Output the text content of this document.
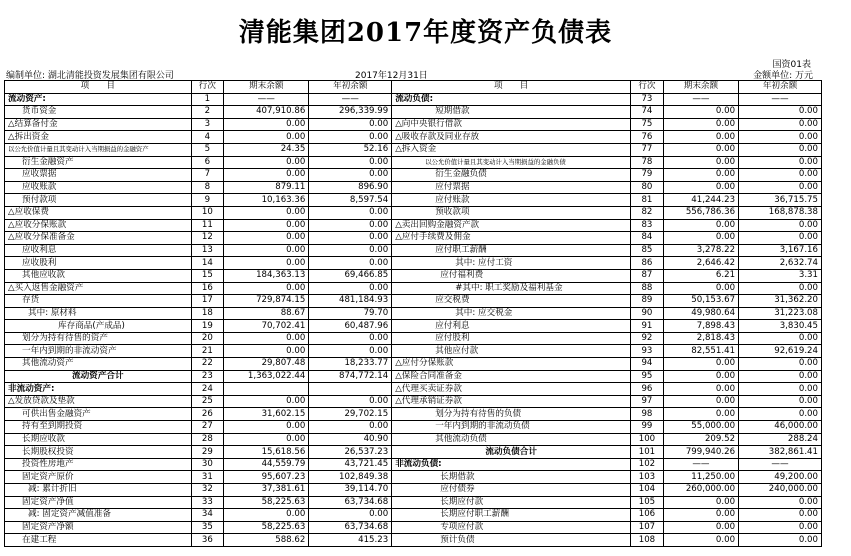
清能集团2017年度资产负债表
国资01表
编制单位: 湖北清能投资发展集团有限公司	2017年12月31日	金额单位: 万元
项　　目	行次	期末余额	年初余额	项　　目	行次	期末余额	年初余额
流动资产:	1	——	——	流动负债:	73	——	——
货币资金	2	407,910.86	296,339.99	短期借款	74	0.00	0.00
△结算备付金	3	0.00	0.00	△向中央银行借款	75	0.00	0.00
△拆出资金	4	0.00	0.00	△吸收存款及同业存放	76	0.00	0.00
以公允价值计量且其变动计入当期损益的金融资产	5	24.35	52.16	△拆入资金	77	0.00	0.00
衍生金融资产	6	0.00	0.00	以公允价值计量且其变动计入当期损益的金融负债	78	0.00	0.00
应收票据	7	0.00	0.00	衍生金融负债	79	0.00	0.00
应收账款	8	879.11	896.90	应付票据	80	0.00	0.00
预付款项	9	10,163.36	8,597.54	应付账款	81	41,244.23	36,715.75
△应收保费	10	0.00	0.00	预收款项	82	556,786.36	168,878.38
△应收分保账款	11	0.00	0.00	△卖出回购金融资产款	83	0.00	0.00
△应收分保准备金	12	0.00	0.00	△应付手续费及佣金	84	0.00	0.00
应收利息	13	0.00	0.00	应付职工薪酬	85	3,278.22	3,167.16
应收股利	14	0.00	0.00	其中: 应付工资	86	2,646.42	2,632.74
其他应收款	15	184,363.13	69,466.85	应付福利费	87	6.21	3.31
△买入返售金融资产	16	0.00	0.00	#其中: 职工奖励及福利基金	88	0.00	0.00
存货	17	729,874.15	481,184.93	应交税费	89	50,153.67	31,362.20
其中: 原材料	18	88.67	79.70	其中: 应交税金	90	49,980.64	31,223.08
库存商品(产成品)	19	70,702.41	60,487.96	应付利息	91	7,898.43	3,830.45
划分为持有待售的资产	20	0.00	0.00	应付股利	92	2,818.43	0.00
一年内到期的非流动资产	21	0.00	0.00	其他应付款	93	82,551.41	92,619.24
其他流动资产	22	29,807.48	18,233.77	△应付分保账款	94	0.00	0.00
流动资产合计	23	1,363,022.44	874,772.14	△保险合同准备金	95	0.00	0.00
非流动资产:	24			△代理买卖证券款	96	0.00	0.00
△发放贷款及垫款	25	0.00	0.00	△代理承销证券款	97	0.00	0.00
可供出售金融资产	26	31,602.15	29,702.15	划分为持有待售的负债	98	0.00	0.00
持有至到期投资	27	0.00	0.00	一年内到期的非流动负债	99	55,000.00	46,000.00
长期应收款	28	0.00	40.90	其他流动负债	100	209.52	288.24
长期股权投资	29	15,618.56	26,537.23	流动负债合计	101	799,940.26	382,861.41
投资性房地产	30	44,559.79	43,721.45	非流动负债:	102	——	——
固定资产原价	31	95,607.23	102,849.38	长期借款	103	11,250.00	49,200.00
减: 累计折旧	32	37,381.61	39,114.70	应付债券	104	260,000.00	240,000.00
固定资产净值	33	58,225.63	63,734.68	长期应付款	105	0.00	0.00
减: 固定资产减值准备	34	0.00	0.00	长期应付职工薪酬	106	0.00	0.00
固定资产净额	35	58,225.63	63,734.68	专项应付款	107	0.00	0.00
在建工程	36	588.62	415.23	预计负债	108	0.00	0.00
